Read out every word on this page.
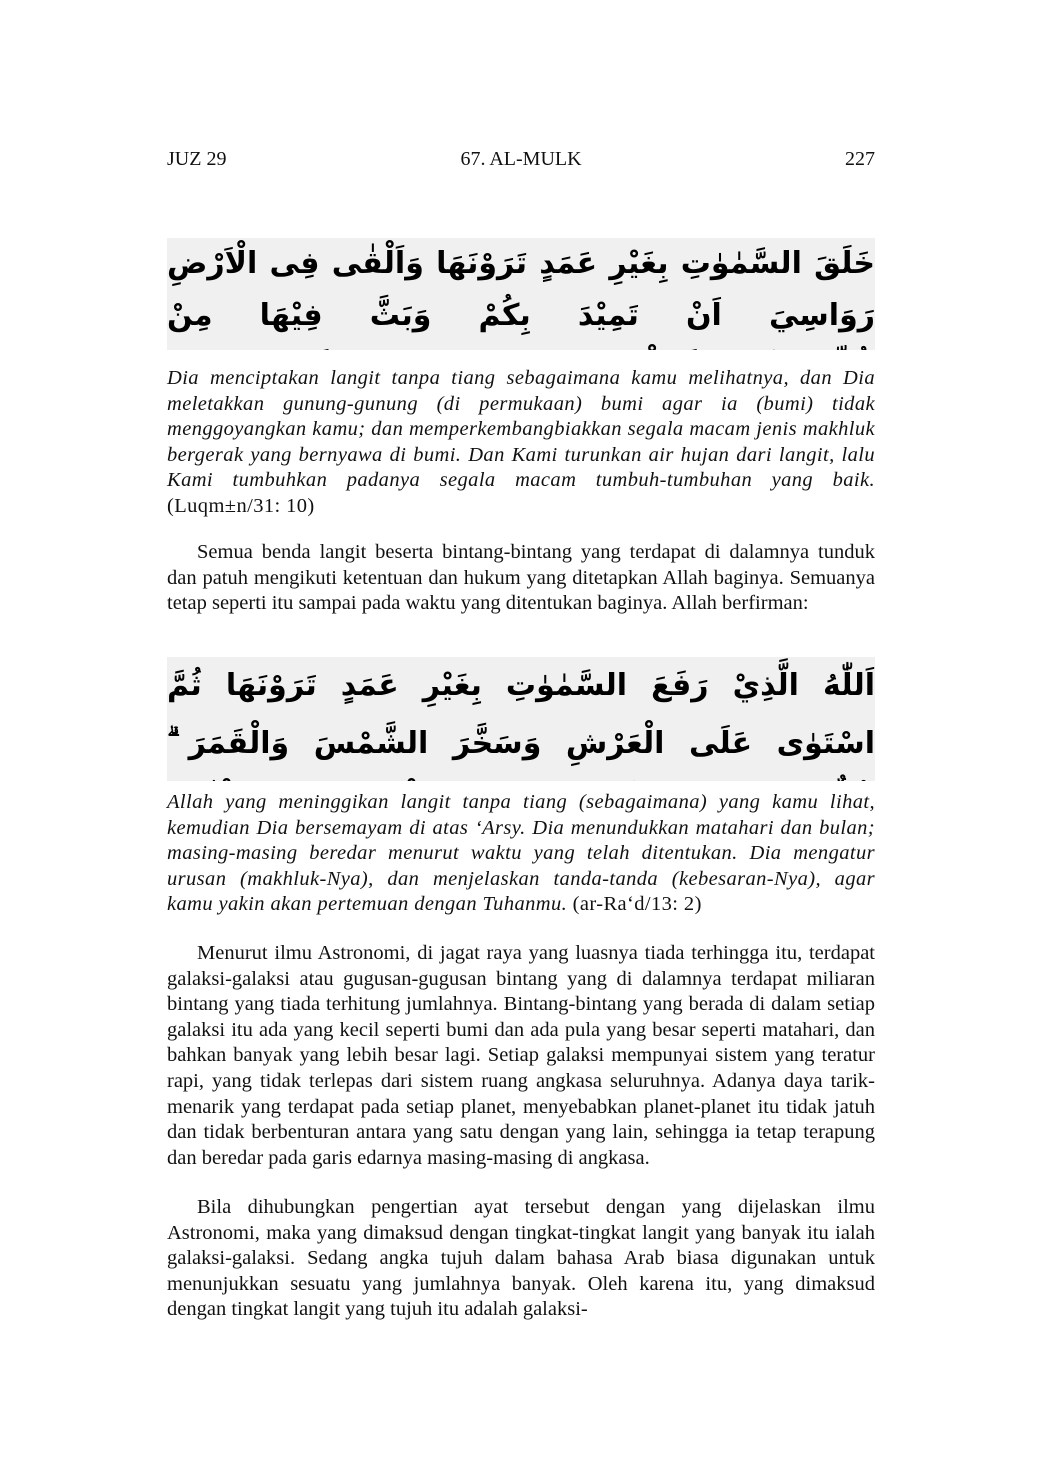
JUZ 29	67. AL-MULK	227
خَلَقَ السَّمٰوٰتِ بِغَيْرِ عَمَدٍ تَرَوْنَهَا وَاَلْقٰى فِى الْاَرْضِ رَوَاسِيَ اَنْ تَمِيْدَ بِكُمْ وَبَثَّ فِيْهَا مِنْ
Dia menciptakan langit tanpa tiang sebagaimana kamu melihatnya, dan Dia meletakkan gunung-gunung (di permukaan) bumi agar ia (bumi) tidak menggoyangkan kamu; dan memperkembangbiakkan segala macam jenis makhluk bergerak yang bernyawa di bumi. Dan Kami turunkan air hujan dari langit, lalu Kami tumbuhkan padanya segala macam tumbuh-tumbuhan yang baik. (Luqm±n/31: 10)
Semua benda langit beserta bintang-bintang yang terdapat di dalamnya tunduk dan patuh mengikuti ketentuan dan hukum yang ditetapkan Allah baginya. Semuanya tetap seperti itu sampai pada waktu yang ditentukan baginya. Allah berfirman:
اَللّٰهُ الَّذِيْ رَفَعَ السَّمٰوٰتِ بِغَيْرِ عَمَدٍ تَرَوْنَهَا ثُمَّ اسْتَوٰى عَلَى الْعَرْشِ وَسَخَّرَ الشَّمْسَ وَالْقَمَرَ ۗ
Allah yang meninggikan langit tanpa tiang (sebagaimana) yang kamu lihat, kemudian Dia bersemayam di atas ‘Arsy. Dia menundukkan matahari dan bulan; masing-masing beredar menurut waktu yang telah ditentukan. Dia mengatur urusan (makhluk-Nya), dan menjelaskan tanda-tanda (kebesaran-Nya), agar kamu yakin akan pertemuan dengan Tuhanmu. (ar-Ra‘d/13: 2)
Menurut ilmu Astronomi, di jagat raya yang luasnya tiada terhingga itu, terdapat galaksi-galaksi atau gugusan-gugusan bintang yang di dalamnya terdapat miliaran bintang yang tiada terhitung jumlahnya. Bintang-bintang yang berada di dalam setiap galaksi itu ada yang kecil seperti bumi dan ada pula yang besar seperti matahari, dan bahkan banyak yang lebih besar lagi. Setiap galaksi mempunyai sistem yang teratur rapi, yang tidak terlepas dari sistem ruang angkasa seluruhnya. Adanya daya tarik-menarik yang terdapat pada setiap planet, menyebabkan planet-planet itu tidak jatuh dan tidak berbenturan antara yang satu dengan yang lain, sehingga ia tetap terapung dan beredar pada garis edarnya masing-masing di angkasa.
Bila dihubungkan pengertian ayat tersebut dengan yang dijelaskan ilmu Astronomi, maka yang dimaksud dengan tingkat-tingkat langit yang banyak itu ialah galaksi-galaksi. Sedang angka tujuh dalam bahasa Arab biasa digunakan untuk menunjukkan sesuatu yang jumlahnya banyak. Oleh karena itu, yang dimaksud dengan tingkat langit yang tujuh itu adalah galaksi-
